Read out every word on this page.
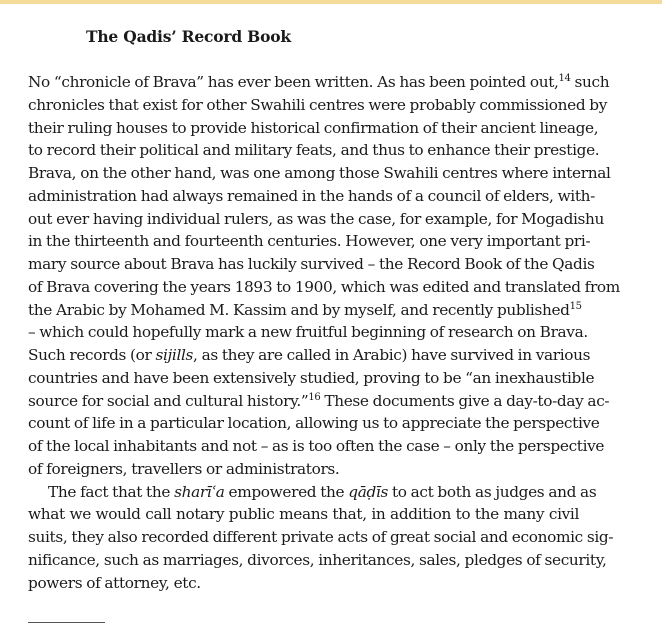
The Qadis’ Record Book
No “chronicle of Brava” has ever been written. As has been pointed out,$^{14}$ such
chronicles that exist for other Swahili centres were probably commissioned by
their ruling houses to provide historical confirmation of their ancient lineage,
to record their political and military feats, and thus to enhance their prestige.
Brava, on the other hand, was one among those Swahili centres where internal
administration had always remained in the hands of a council of elders, with-
out ever having individual rulers, as was the case, for example, for Mogadishu
in the thirteenth and fourteenth centuries. However, one very important pri-
mary source about Brava has luckily survived – the Record Book of the Qadis
of Brava covering the years 1893 to 1900, which was edited and translated from
the Arabic by Mohamed M. Kassim and by myself, and recently published$^{15}$
– which could hopefully mark a new fruitful beginning of research on Brava.
Such records (or sijills, as they are called in Arabic) have survived in various
countries and have been extensively studied, proving to be “an inexhaustible
source for social and cultural history.”$^{16}$ These documents give a day-to-day ac-
count of life in a particular location, allowing us to appreciate the perspective
of the local inhabitants and not – as is too often the case – only the perspective
of foreigners, travellers or administrators.
The fact that the sharīʿa empowered the qāḍīs to act both as judges and as
what we would call notary public means that, in addition to the many civil
suits, they also recorded different private acts of great social and economic sig-
nificance, such as marriages, divorces, inheritances, sales, pledges of security,
powers of attorney, etc.
